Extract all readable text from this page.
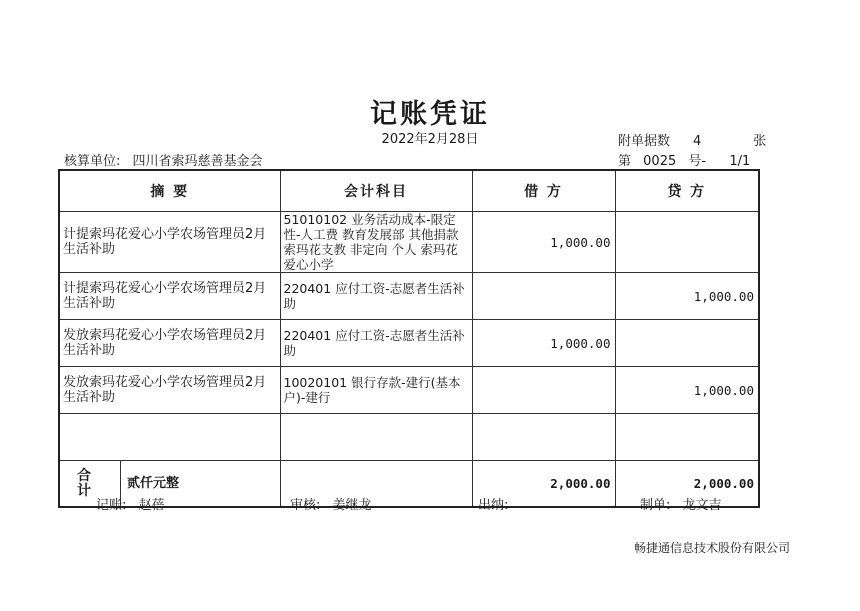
记账凭证
2022年2月28日
核算单位: 四川省索玛慈善基金会
附单据数 4	张
第 0025 号- 1/1
摘 要	会计科目	借 方	贷 方
计提索玛花爱心小学农场管理员2月生活补助	51010102 业务活动成本-限定性-人工费 教育发展部 其他捐款 索玛花支教 非定向 个人 索玛花爱心小学	1,000.00	
计提索玛花爱心小学农场管理员2月生活补助	220401 应付工资-志愿者生活补助		1,000.00
发放索玛花爱心小学农场管理员2月生活补助	220401 应付工资-志愿者生活补助	1,000.00	
发放索玛花爱心小学农场管理员2月生活补助	10020101 银行存款-建行(基本户)-建行		1,000.00

合 计 贰仟元整		2,000.00	2,000.00
记账: 赵蓓	审核: 姜继龙	出纳:	制单: 龙文吉
畅捷通信息技术股份有限公司
